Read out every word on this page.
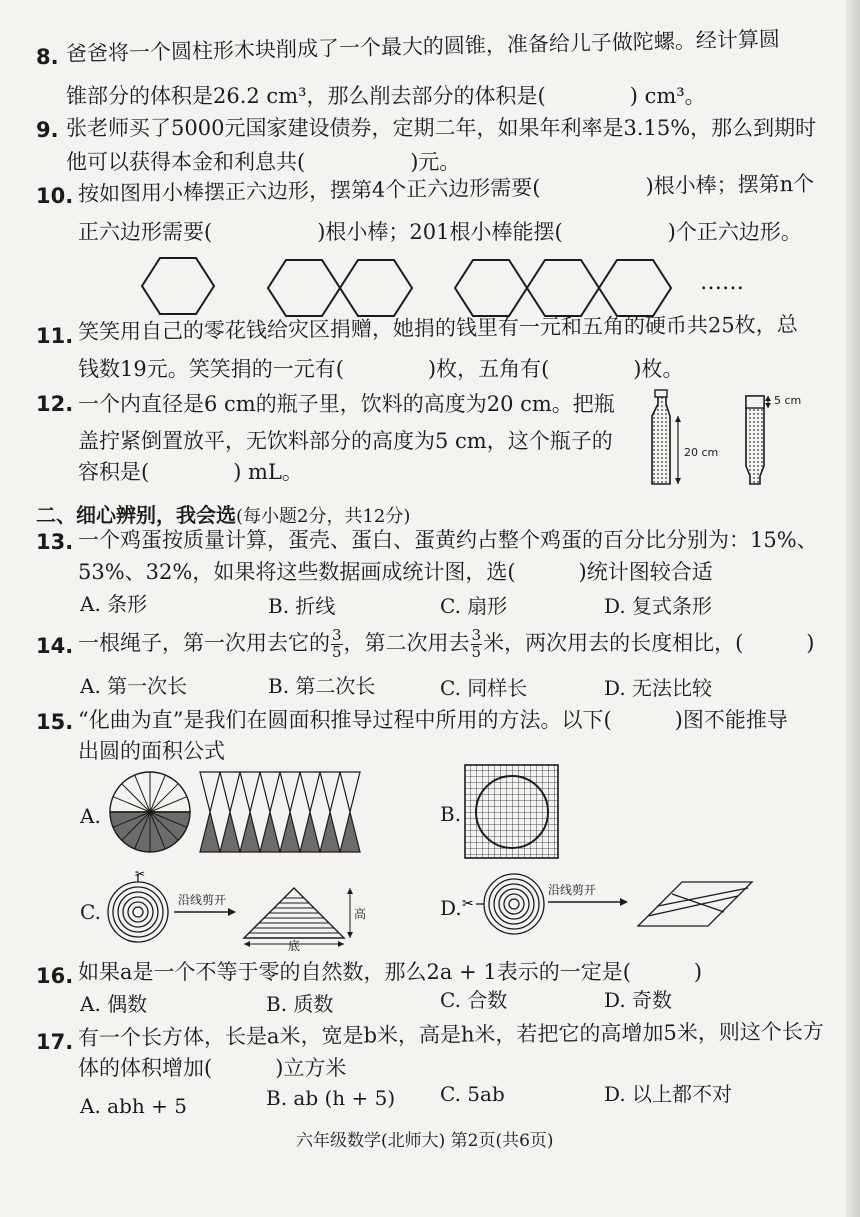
8. 爸爸将一个圆柱形木块削成了一个最大的圆锥，准备给儿子做陀螺。经计算圆
锥部分的体积是26.2 cm³，那么削去部分的体积是(　　　　) cm³。
9. 张老师买了5000元国家建设债券，定期二年，如果年利率是3.15%，那么到期时
他可以获得本金和利息共(　　　　　)元。
10. 按如图用小棒摆正六边形，摆第4个正六边形需要(　　　　　)根小棒；摆第n个
正六边形需要(　　　　　)根小棒；201根小棒能摆(　　　　　)个正六边形。
……
11. 笑笑用自己的零花钱给灾区捐赠，她捐的钱里有一元和五角的硬币共25枚，总
钱数19元。笑笑捐的一元有(　　　　)枚，五角有(　　　　)枚。
12. 一个内直径是6 cm的瓶子里，饮料的高度为20 cm。把瓶
盖拧紧倒置放平，无饮料部分的高度为5 cm，这个瓶子的
容积是(　　　　) mL。
20 cm
5 cm
二、细心辨别，我会选(每小题2分，共12分)
13. 一个鸡蛋按质量计算，蛋壳、蛋白、蛋黄约占整个鸡蛋的百分比分别为：15%、
53%、32%，如果将这些数据画成统计图，选(　　　)统计图较合适
A. 条形	B. 折线	C. 扇形	D. 复式条形
14. 一根绳子，第一次用去它的 $\frac{3}{5}$ ，第二次用去 $\frac{3}{5}$ 米，两次用去的长度相比，(　　　)
A. 第一次长	B. 第二次长	C. 同样长	D. 无法比较
15. “化曲为直”是我们在圆面积推导过程中所用的方法。以下(　　　)图不能推导
出圆的面积公式
A.	B.
C.
✂
沿线剪开
高
底
D. ✂
沿线剪开
16. 如果a是一个不等于零的自然数，那么2a + 1表示的一定是(　　　)
A. 偶数	B. 质数	C. 合数	D. 奇数
17. 有一个长方体，长是a米，宽是b米，高是h米，若把它的高增加5米，则这个长方
体的体积增加(　　　)立方米
A. abh + 5	B. ab (h + 5) C. 5ab	D. 以上都不对
六年级数学(北师大) 第2页(共6页)
